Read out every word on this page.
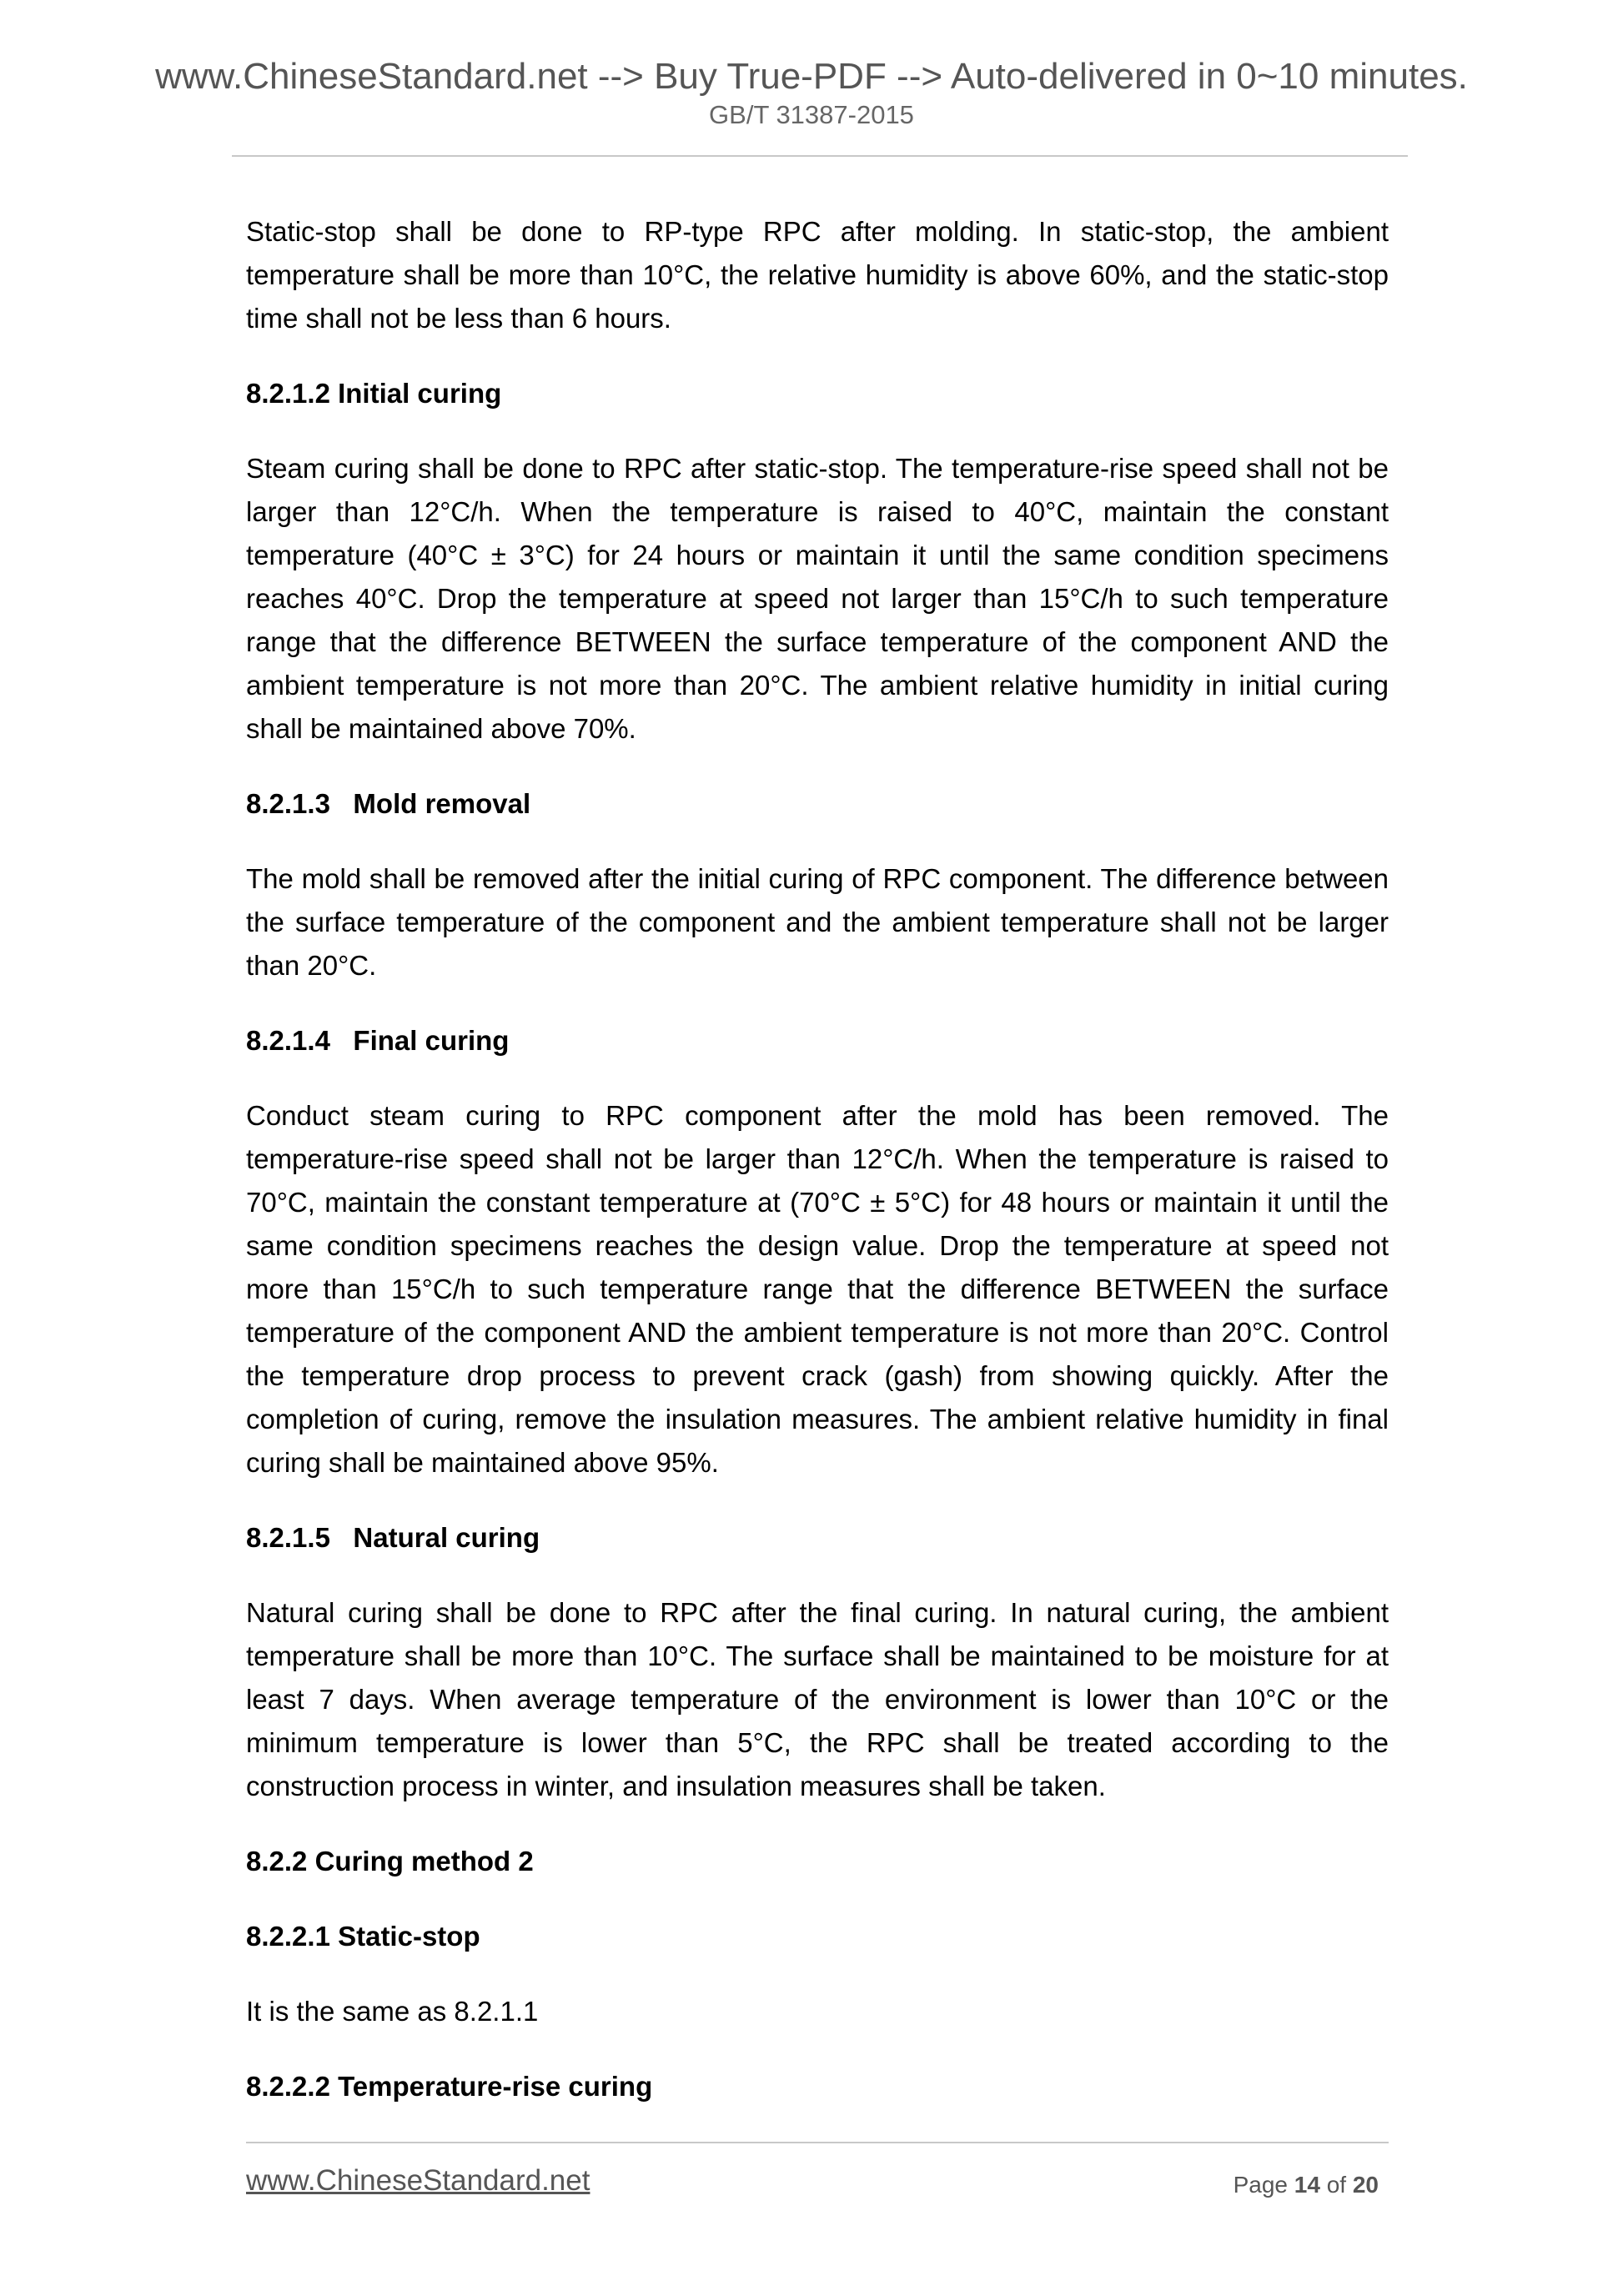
www.ChineseStandard.net --> Buy True-PDF --> Auto-delivered in 0~10 minutes.
GB/T 31387-2015

Static-stop shall be done to RP-type RPC after molding. In static-stop, the ambient temperature shall be more than 10°C, the relative humidity is above 60%, and the static-stop time shall not be less than 6 hours.

8.2.1.2 Initial curing

Steam curing shall be done to RPC after static-stop. The temperature-rise speed shall not be larger than 12°C/h. When the temperature is raised to 40°C, maintain the constant temperature (40°C ± 3°C) for 24 hours or maintain it until the same condition specimens reaches 40°C. Drop the temperature at speed not larger than 15°C/h to such temperature range that the difference BETWEEN the surface temperature of the component AND the ambient temperature is not more than 20°C. The ambient relative humidity in initial curing shall be maintained above 70%.

8.2.1.3   Mold removal

The mold shall be removed after the initial curing of RPC component. The difference between the surface temperature of the component and the ambient temperature shall not be larger than 20°C.

8.2.1.4   Final curing

Conduct steam curing to RPC component after the mold has been removed. The temperature-rise speed shall not be larger than 12°C/h. When the temperature is raised to 70°C, maintain the constant temperature at (70°C ± 5°C) for 48 hours or maintain it until the same condition specimens reaches the design value. Drop the temperature at speed not more than 15°C/h to such temperature range that the difference BETWEEN the surface temperature of the component AND the ambient temperature is not more than 20°C. Control the temperature drop process to prevent crack (gash) from showing quickly. After the completion of curing, remove the insulation measures. The ambient relative humidity in final curing shall be maintained above 95%.

8.2.1.5   Natural curing

Natural curing shall be done to RPC after the final curing. In natural curing, the ambient temperature shall be more than 10°C. The surface shall be maintained to be moisture for at least 7 days. When average temperature of the environment is lower than 10°C or the minimum temperature is lower than 5°C, the RPC shall be treated according to the construction process in winter, and insulation measures shall be taken.

8.2.2 Curing method 2

8.2.2.1 Static-stop

It is the same as 8.2.1.1

8.2.2.2 Temperature-rise curing

www.ChineseStandard.net	Page 14 of 20
